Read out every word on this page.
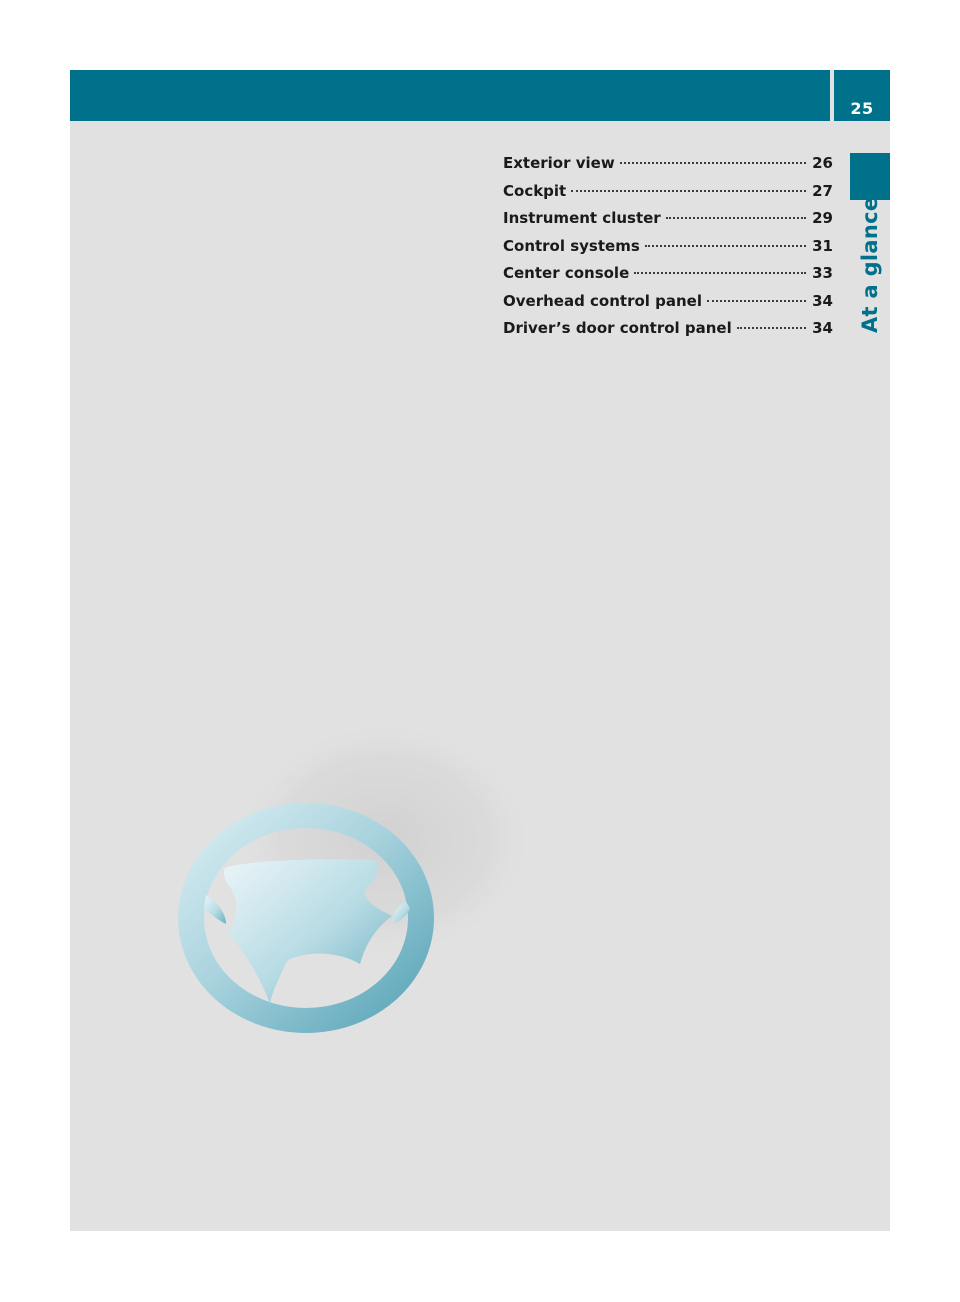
25
At a glance
Exterior view	26
Cockpit	27
Instrument cluster	29
Control systems	31
Center console	33
Overhead control panel	34
Driver’s door control panel	34
